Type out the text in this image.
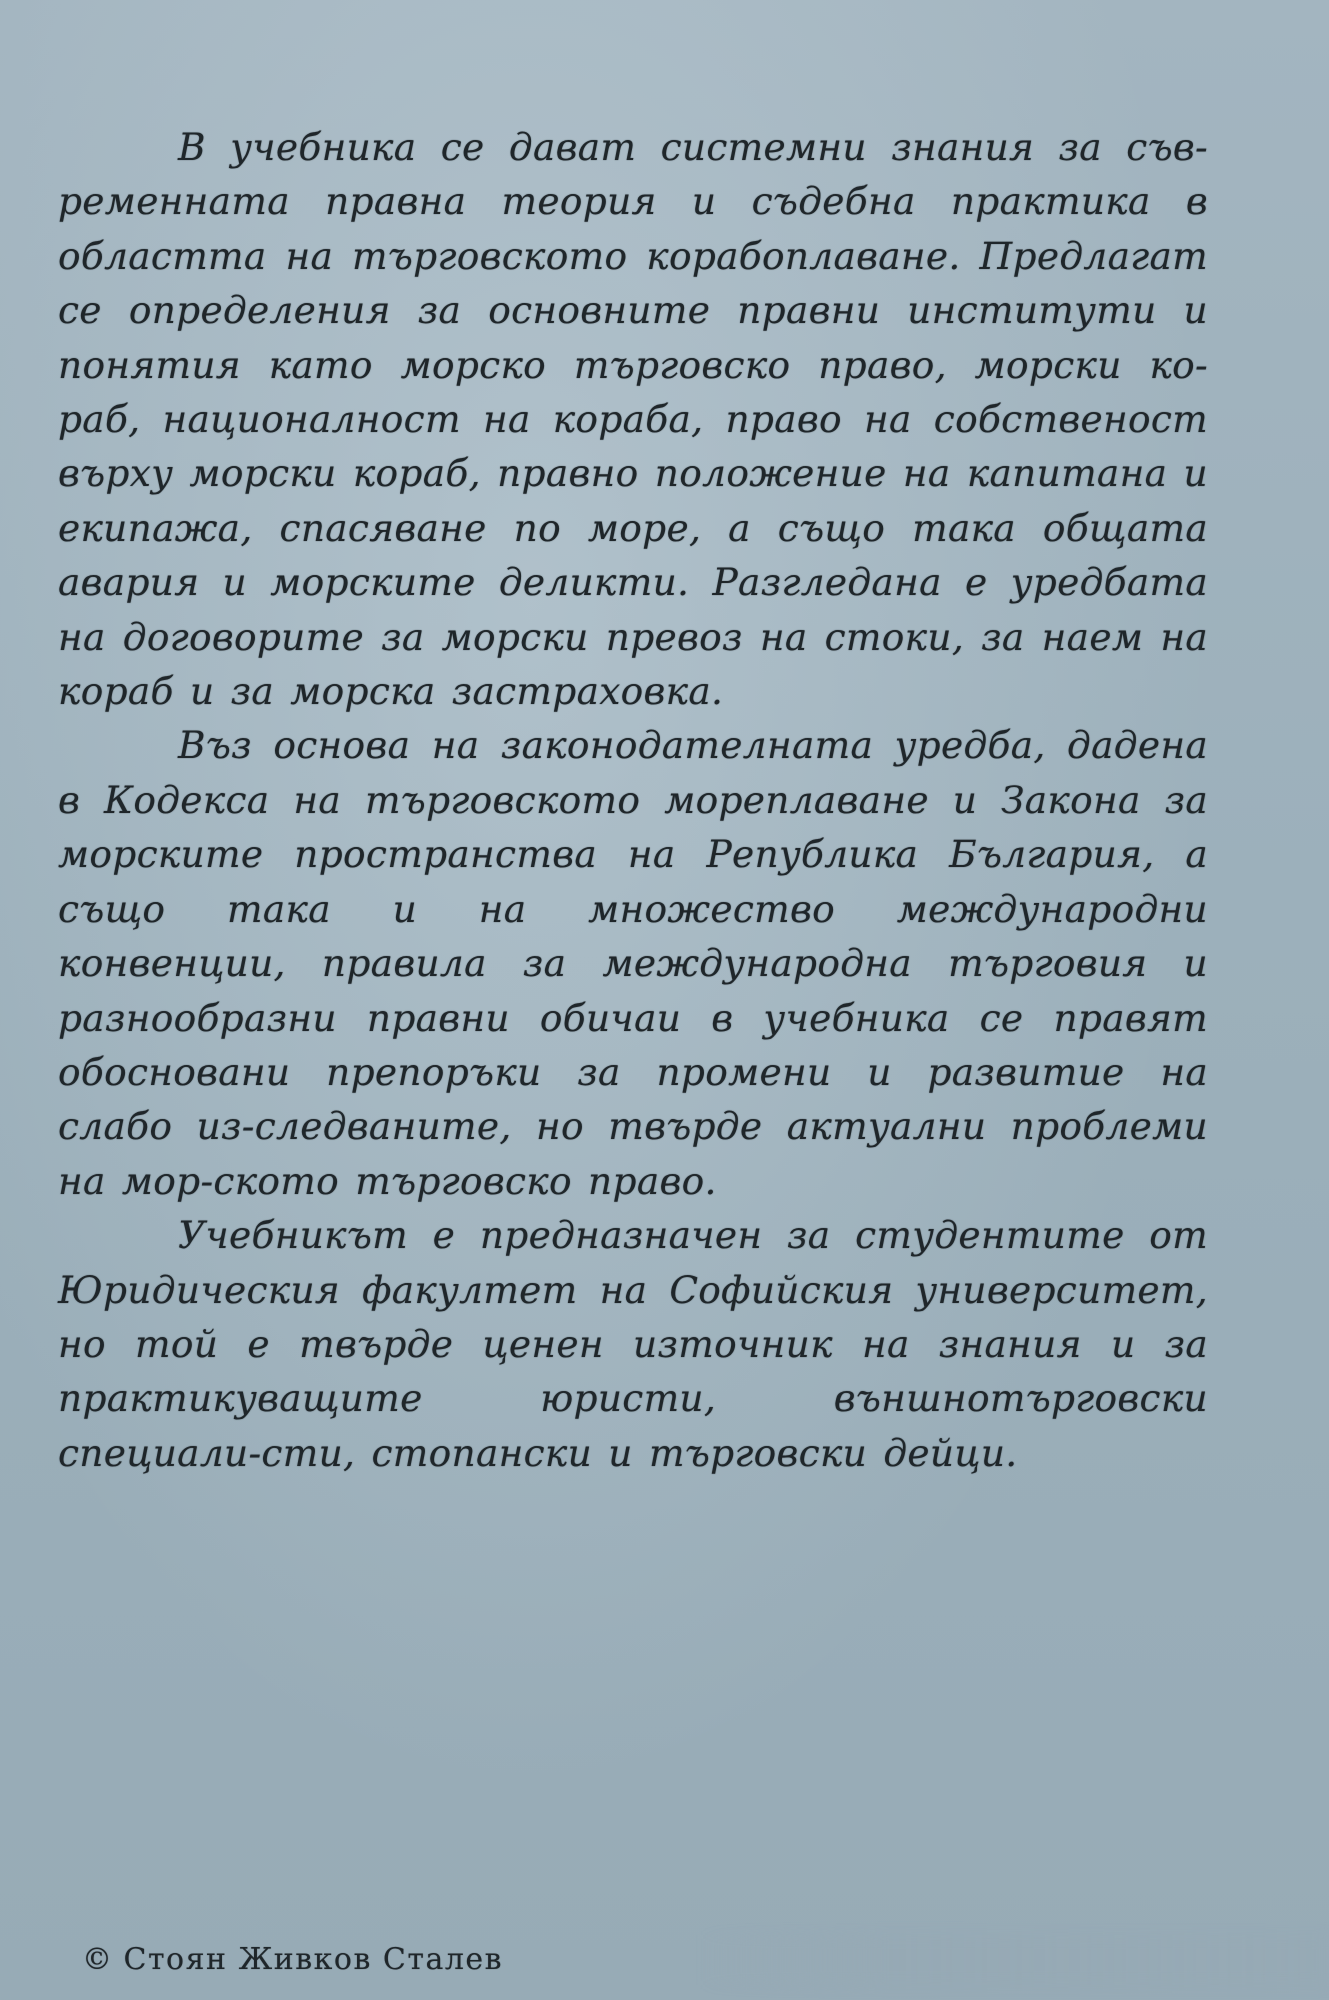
В учебника се дават системни знания за съв-ременната правна теория и съдебна практика в областта на търговското корабоплаване. Предлагат се определения за основните правни институти и понятия като морско търговско право, морски ко-раб, националност на кораба, право на собственост върху морски кораб, правно положение на капитана и екипажа, спасяване по море, а също така общата авария и морските деликти. Разгледана е уредбата на договорите за морски превоз на стоки, за наем на кораб и за морска застраховка.

Въз основа на законодателната уредба, дадена в Кодекса на търговското мореплаване и Закона за морските пространства на Република България, а също така и на множество международни конвенции, правила за международна търговия и разнообразни правни обичаи в учебника се правят обосновани препоръки за промени и развитие на слабо из-следваните, но твърде актуални проблеми на мор-ското търговско право.

Учебникът е предназначен за студентите от Юридическия факултет на Софийския университет, но той е твърде ценен източник на знания и за практикуващите юристи, външнотърговски специали-сти, стопански и търговски дейци.

© Стоян Живков Сталев
